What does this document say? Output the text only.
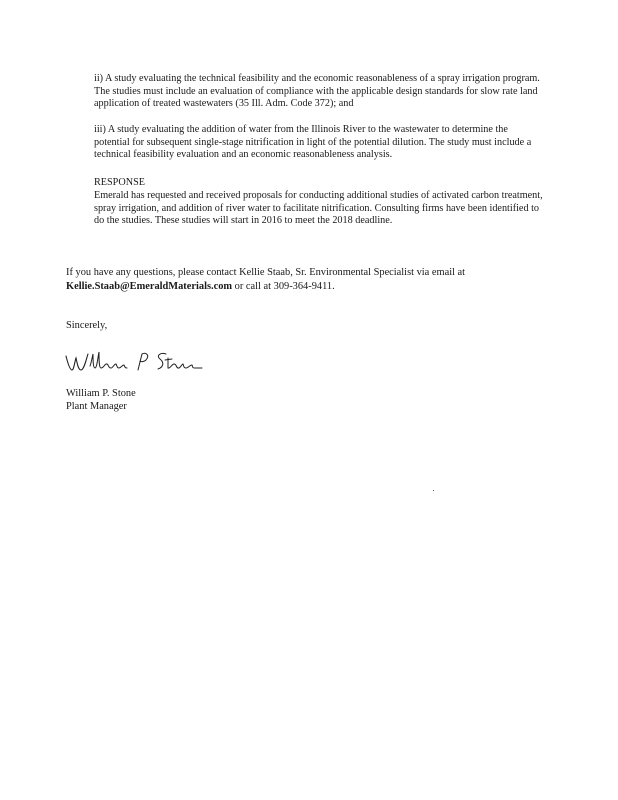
ii) A study evaluating the technical feasibility and the economic reasonableness of a spray irrigation program. The studies must include an evaluation of compliance with the applicable design standards for slow rate land application of treated wastewaters (35 Ill. Adm. Code 372); and

iii) A study evaluating the addition of water from the Illinois River to the wastewater to determine the potential for subsequent single-stage nitrification in light of the potential dilution. The study must include a technical feasibility evaluation and an economic reasonableness analysis.

RESPONSE

Emerald has requested and received proposals for conducting additional studies of activated carbon treatment, spray irrigation, and addition of river water to facilitate nitrification. Consulting firms have been identified to do the studies. These studies will start in 2016 to meet the 2018 deadline.

If you have any questions, please contact Kellie Staab, Sr. Environmental Specialist via email at
Kellie.Staab@EmeraldMaterials.com or call at 309-364-9411.

Sincerely,

William P. Stone

Plant Manager
